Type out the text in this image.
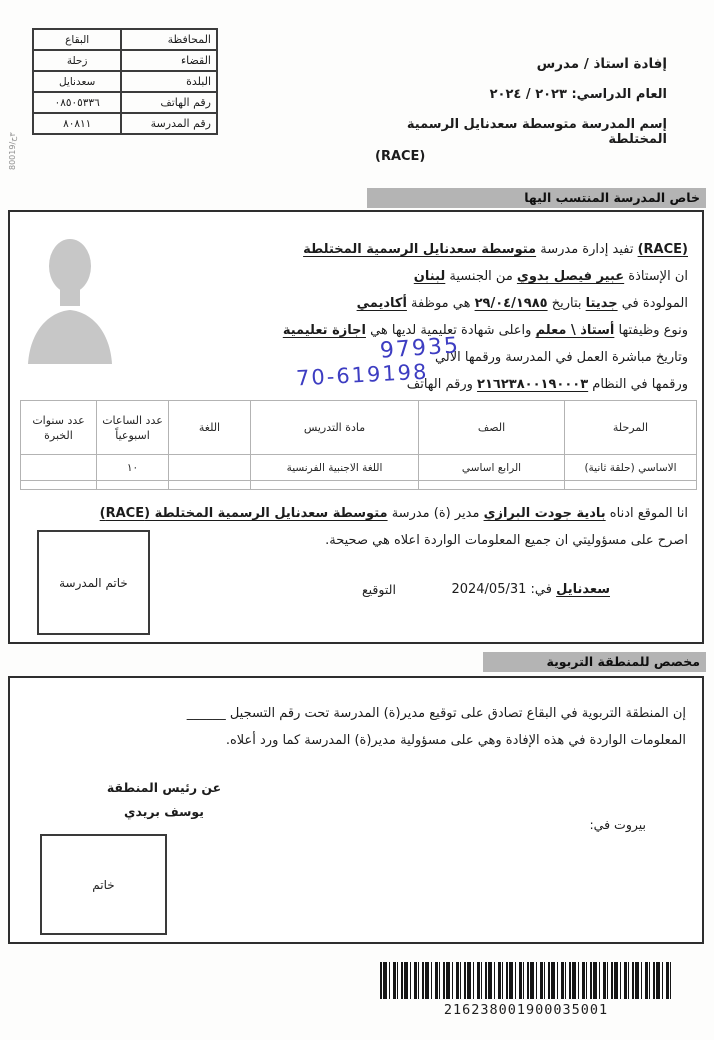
80019/٣ح
المحافظة	البقاع
القضاء	زحلة
البلدة	سعدنايل
رقم الهاتف	٠٨٥٠٥٣٣٦
رقم المدرسة	٨٠٨١١
إفادة استاذ / مدرس
العام الدراسي: ٢٠٢٣ / ٢٠٢٤
إسم المدرسة متوسطة سعدنايل الرسمية المختلطة
(RACE)
خاص المدرسة المنتسب اليها
(RACE) تفيد إدارة مدرسة متوسطة سعدنايل الرسمية المختلطة
ان الإستاذة عبير فيصل بدوي من الجنسية لبنان
المولودة في جديتا بتاريخ ٢٩/٠٤/١٩٨٥ هي موظفة أكاديمي
ونوع وظيفتها أستاذ \ معلم واعلى شهادة تعليمية لديها هي اجازة تعليمية
وتاريخ مباشرة العمل في المدرسة ورقمها الالي
ورقمها في النظام ٢١٦٢٣٨٠٠١٩٠٠٠٣ ورقم الهاتف
97935
70-619198
المرحلة	الصف	مادة التدريس	اللغة	عدد الساعات اسبوعياً	عدد سنوات الخبرة
الاساسي (حلقة ثانية)	الرابع اساسي	اللغة الاجنبية الفرنسية		١٠	

انا الموقع ادناه بادية جودت البرازي مدير (ة) مدرسة متوسطة سعدنايل الرسمية المختلطة (RACE)
اصرح على مسؤوليتي ان جميع المعلومات الواردة اعلاه هي صحيحة.
خاتم المدرسة	سعدنايل في: 2024/05/31
التوقيع
مخصص للمنطقة التربوية
إن المنطقة التربوية في البقاع تصادق على توقيع مدير(ة) المدرسة تحت رقم التسجيل ______
المعلومات الواردة في هذه الإفادة وهي على مسؤولية مدير(ة) المدرسة كما ورد أعلاه.
بيروت في:
عن رئيس المنطقة
يوسف بريدي
خاتم
216238001900035001
